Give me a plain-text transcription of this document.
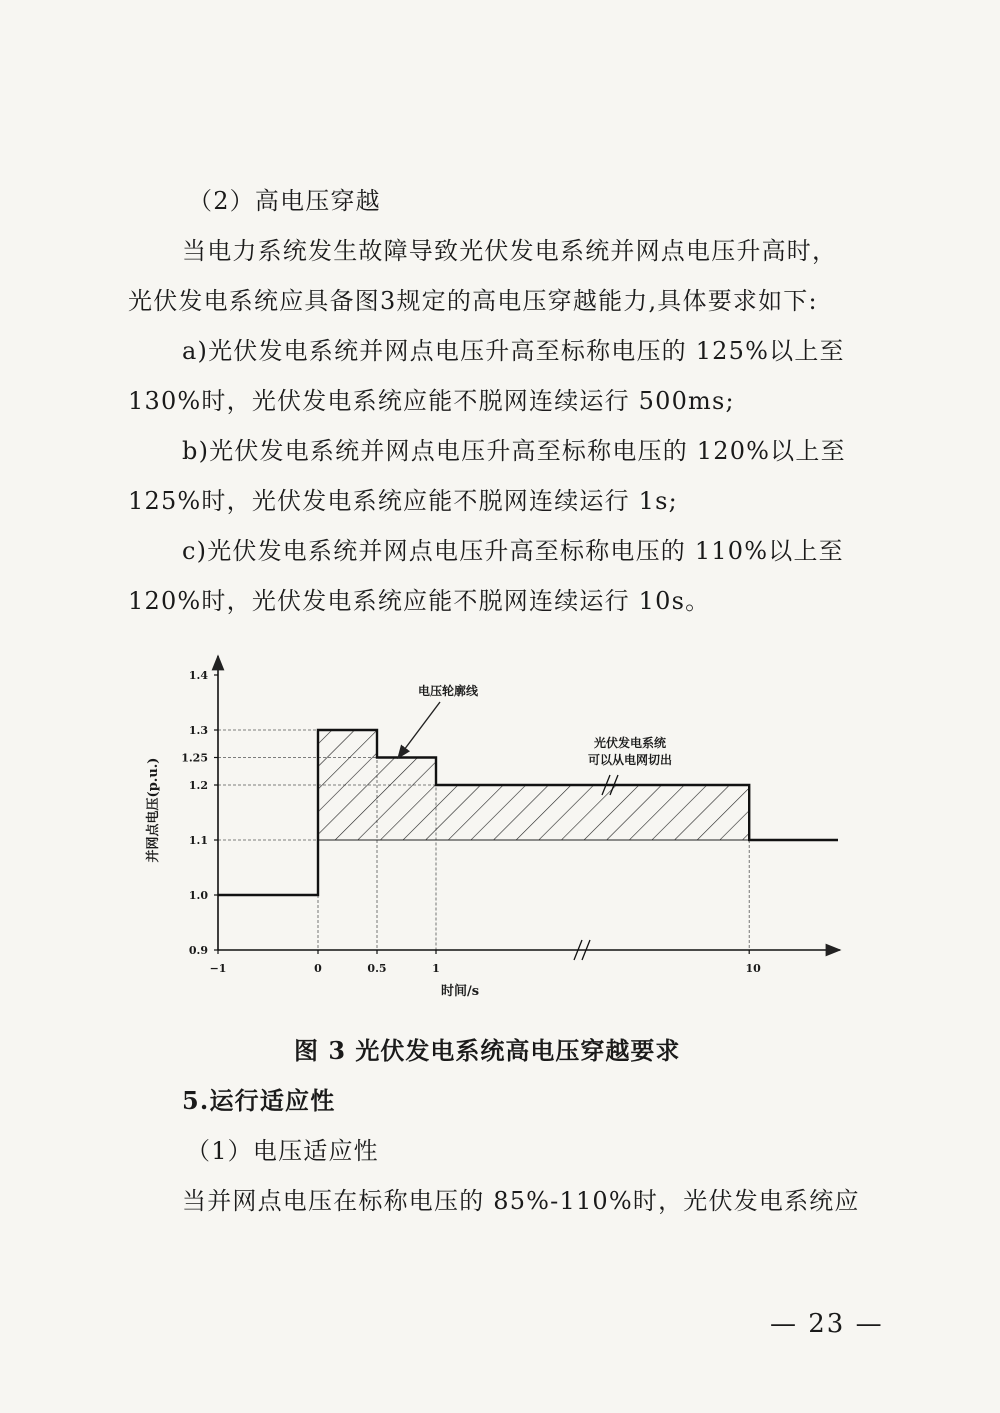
（2）高电压穿越
当电力系统发生故障导致光伏发电系统并网点电压升高时，
光伏发电系统应具备图3规定的高电压穿越能力,具体要求如下:
a)光伏发电系统并网点电压升高至标称电压的 125%以上至
130%时，光伏发电系统应能不脱网连续运行 500ms;
b)光伏发电系统并网点电压升高至标称电压的 120%以上至
125%时，光伏发电系统应能不脱网连续运行 1s;
c)光伏发电系统并网点电压升高至标称电压的 110%以上至
120%时，光伏发电系统应能不脱网连续运行 10s。
1.4
1.3
1.25
1.2
1.1
1.0
0.9
−1	0	0.5	1	10
并网点电压(p.u.)
时间/s
电压轮廓线
光伏发电系统
可以从电网切出
图 3 光伏发电系统高电压穿越要求
5.运行适应性
（1）电压适应性
当并网点电压在标称电压的 85%-110%时，光伏发电系统应
— 23 —
